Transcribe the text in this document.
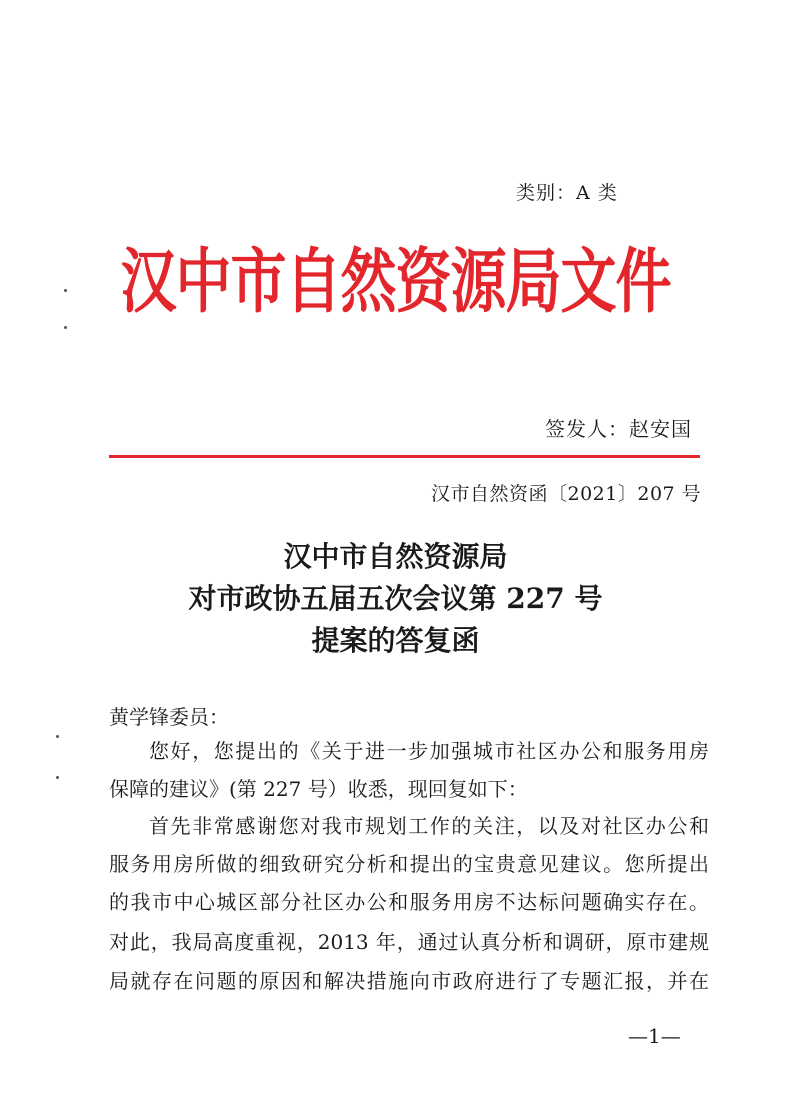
类别：A 类
汉中市自然资源局文件
签发人：赵安国
汉市自然资函〔2021〕207 号
汉中市自然资源局
对市政协五届五次会议第 227 号
提案的答复函
黄学锋委员：
您好，您提出的《关于进一步加强城市社区办公和服务用房
保障的建议》(第 227 号）收悉，现回复如下：
首先非常感谢您对我市规划工作的关注，以及对社区办公和
服务用房所做的细致研究分析和提出的宝贵意见建议。您所提出
的我市中心城区部分社区办公和服务用房不达标问题确实存在。
对此，我局高度重视，2013 年，通过认真分析和调研，原市建规
局就存在问题的原因和解决措施向市政府进行了专题汇报，并在
—1—
